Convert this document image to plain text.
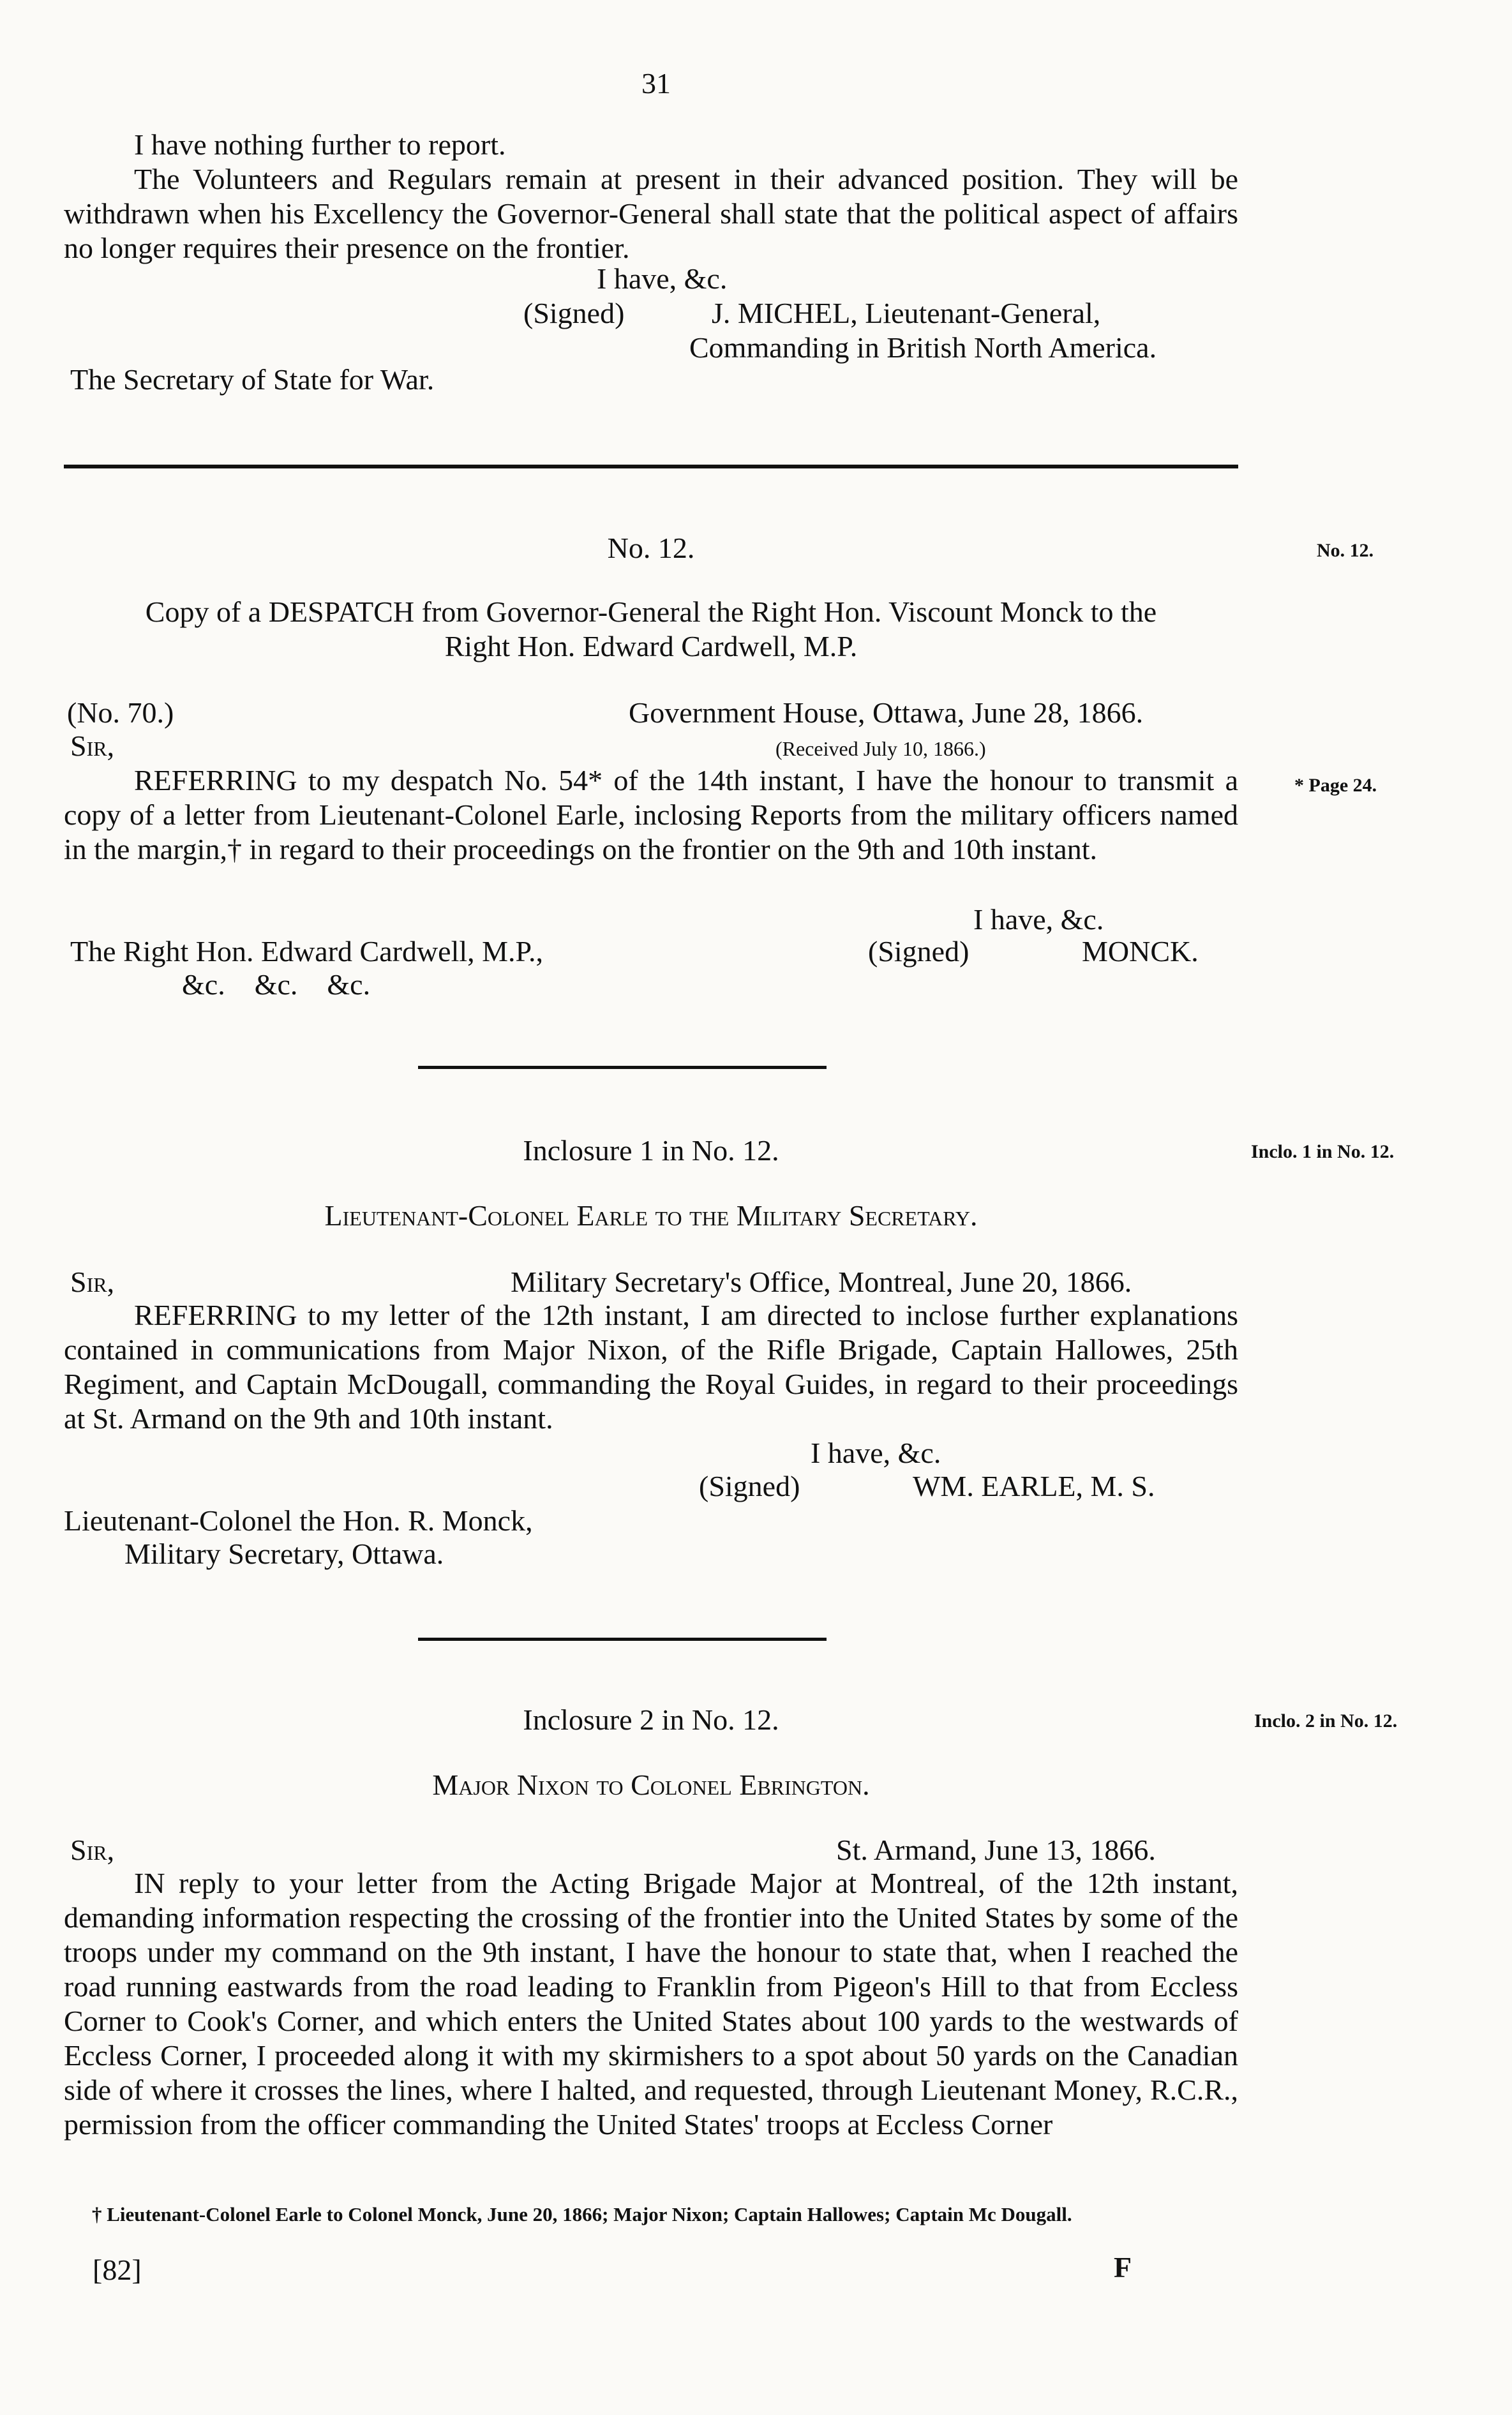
31

I have nothing further to report.

The Volunteers and Regulars remain at present in their advanced position. They will be withdrawn when his Excellency the Governor-General shall state that the political aspect of affairs no longer requires their presence on the frontier.

I have, &c.
(Signed)	J. MICHEL, Lieutenant-General,
Commanding in British North America.
The Secretary of State for War.
No. 12.	No. 12.
Copy of a DESPATCH from Governor-General the Right Hon. Viscount Monck to the
Right Hon. Edward Cardwell, M.P.
(No. 70.)	Government House, Ottawa, June 28, 1866.
Sir,	(Received July 10, 1866.)

REFERRING to my despatch No. 54* of the 14th instant, I have the honour to transmit a copy of a letter from Lieutenant-Colonel Earle, inclosing Reports from the military officers named in the margin,† in regard to their proceedings on the frontier on the 9th and 10th instant.

* Page 24.
I have, &c.
The Right Hon. Edward Cardwell, M.P.,	(Signed)	MONCK.
&c.    &c.    &c.
Inclosure 1 in No. 12.	Inclo. 1 in No. 12.
Lieutenant-Colonel Earle to the Military Secretary.
Sir,	Military Secretary's Office, Montreal, June 20, 1866.

REFERRING to my letter of the 12th instant, I am directed to inclose further explanations contained in communications from Major Nixon, of the Rifle Brigade, Captain Hallowes, 25th Regiment, and Captain McDougall, commanding the Royal Guides, in regard to their proceedings at St. Armand on the 9th and 10th instant.

I have, &c.
(Signed)	WM. EARLE, M. S.
Lieutenant-Colonel the Hon. R. Monck,
Military Secretary, Ottawa.
Inclosure 2 in No. 12.	Inclo. 2 in No. 12.
Major Nixon to Colonel Ebrington.
Sir,	St. Armand, June 13, 1866.

IN reply to your letter from the Acting Brigade Major at Montreal, of the 12th instant, demanding information respecting the crossing of the frontier into the United States by some of the troops under my command on the 9th instant, I have the honour to state that, when I reached the road running eastwards from the road leading to Franklin from Pigeon's Hill to that from Eccless Corner to Cook's Corner, and which enters the United States about 100 yards to the westwards of Eccless Corner, I proceeded along it with my skirmishers to a spot about 50 yards on the Canadian side of where it crosses the lines, where I halted, and requested, through Lieutenant Money, R.C.R., permission from the officer commanding the United States' troops at Eccless Corner

† Lieutenant-Colonel Earle to Colonel Monck, June 20, 1866; Major Nixon; Captain Hallowes; Captain Mc Dougall.
[82]	F
